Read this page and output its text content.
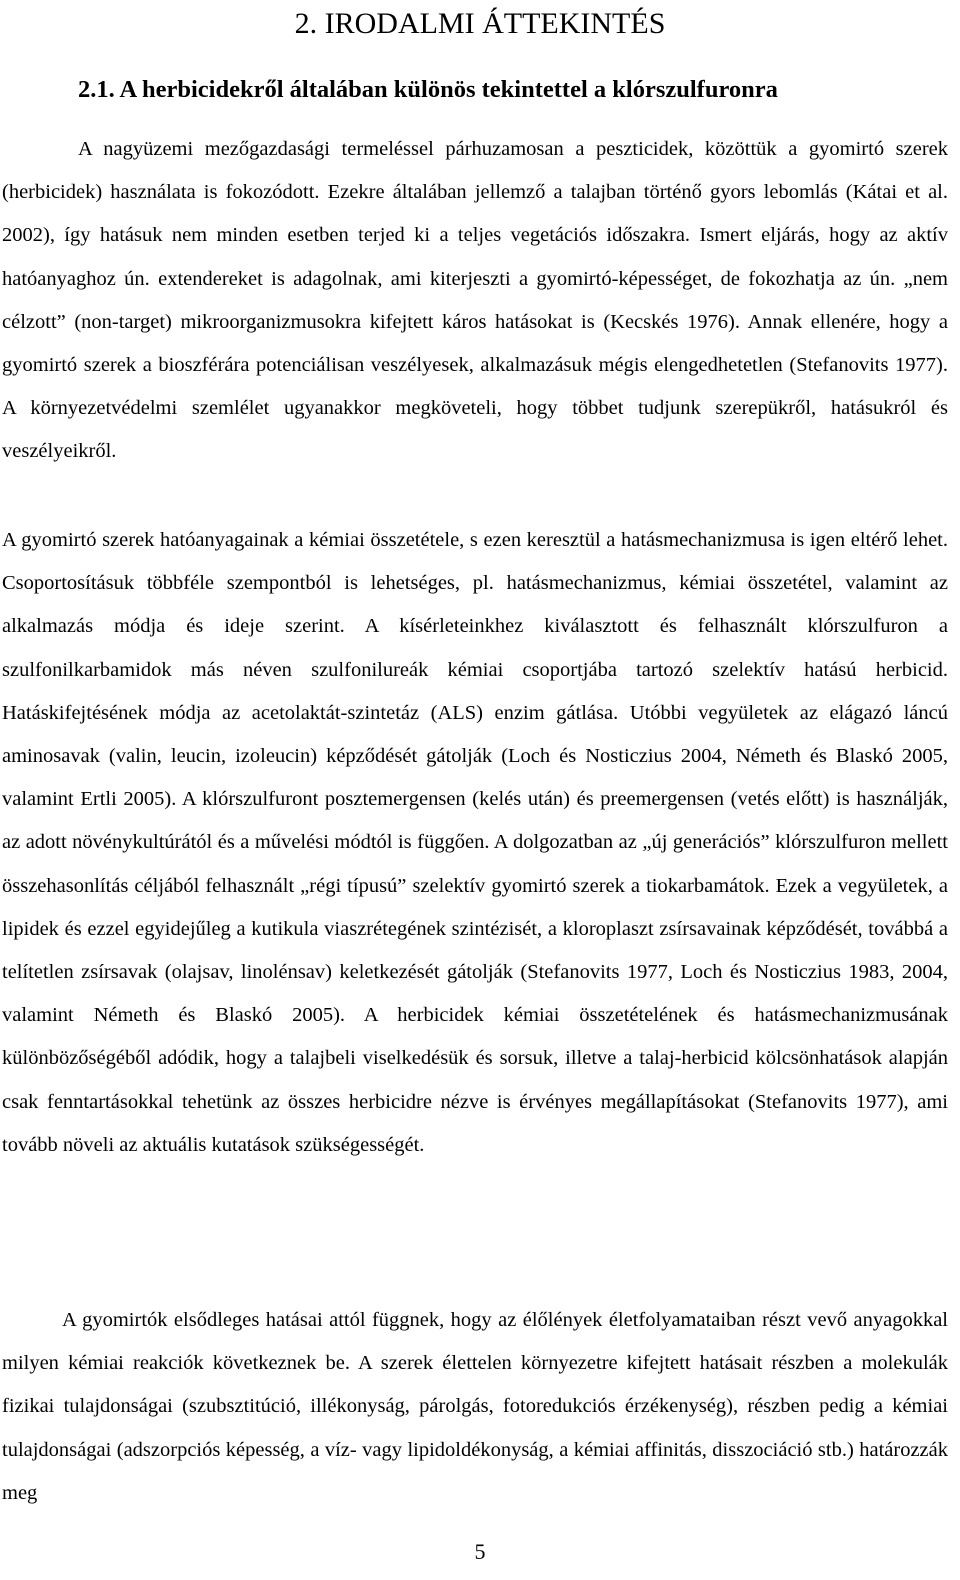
2. IRODALMI ÁTTEKINTÉS
2.1. A herbicidekről általában különös tekintettel a klórszulfuronra

A nagyüzemi mezőgazdasági termeléssel párhuzamosan a peszticidek, közöttük a gyomirtó szerek (herbicidek) használata is fokozódott. Ezekre általában jellemző a talajban történő gyors lebomlás (Kátai et al. 2002), így hatásuk nem minden esetben terjed ki a teljes vegetációs időszakra. Ismert eljárás, hogy az aktív hatóanyaghoz ún. extendereket is adagolnak, ami kiterjeszti a gyomirtó-képességet, de fokozhatja az ún. „nem célzott” (non-target) mikroorganizmusokra kifejtett káros hatásokat is (Kecskés 1976). Annak ellenére, hogy a gyomirtó szerek a bioszférára potenciálisan veszélyesek, alkalmazásuk mégis elengedhetetlen (Stefanovits 1977). A környezetvédelmi szemlélet ugyanakkor megköveteli, hogy többet tudjunk szerepükről, hatásukról és veszélyeikről.

A gyomirtó szerek hatóanyagainak a kémiai összetétele, s ezen keresztül a hatásmechanizmusa is igen eltérő lehet. Csoportosításuk többféle szempontból is lehetséges, pl. hatásmechanizmus, kémiai összetétel, valamint az alkalmazás módja és ideje szerint. A kísérleteinkhez kiválasztott és felhasznált klórszulfuron a szulfonilkarbamidok más néven szulfonilureák kémiai csoportjába tartozó szelektív hatású herbicid. Hatáskifejtésének módja az acetolaktát-szintetáz (ALS) enzim gátlása. Utóbbi vegyületek az elágazó láncú aminosavak (valin, leucin, izoleucin) képződését gátolják (Loch és Nosticzius 2004, Németh és Blaskó 2005, valamint Ertli 2005). A klórszulfuront posztemergensen (kelés után) és preemergensen (vetés előtt) is használják, az adott növénykultúrától és a művelési módtól is függően. A dolgozatban az „új generációs” klórszulfuron mellett összehasonlítás céljából felhasznált „régi típusú” szelektív gyomirtó szerek a tiokarbamátok. Ezek a vegyületek, a lipidek és ezzel egyidejűleg a kutikula viaszrétegének szintézisét, a kloroplaszt zsírsavainak képződését, továbbá a telítetlen zsírsavak (olajsav, linolénsav) keletkezését gátolják (Stefanovits 1977, Loch és Nosticzius 1983, 2004, valamint Németh és Blaskó 2005). A herbicidek kémiai összetételének és hatásmechanizmusának különbözőségéből adódik, hogy a talajbeli viselkedésük és sorsuk, illetve a talaj-herbicid kölcsönhatások alapján csak fenntartásokkal tehetünk az összes herbicidre nézve is érvényes megállapításokat (Stefanovits 1977), ami tovább növeli az aktuális kutatások szükségességét.

A gyomirtók elsődleges hatásai attól függnek, hogy az élőlények életfolyamataiban részt vevő anyagokkal milyen kémiai reakciók következnek be. A szerek élettelen környezetre kifejtett hatásait részben a molekulák fizikai tulajdonságai (szubsztitúció, illékonyság, párolgás, fotoredukciós érzékenység), részben pedig a kémiai tulajdonságai (adszorpciós képesség, a víz- vagy lipidoldékonyság, a kémiai affinitás, disszociáció stb.) határozzák meg

5
